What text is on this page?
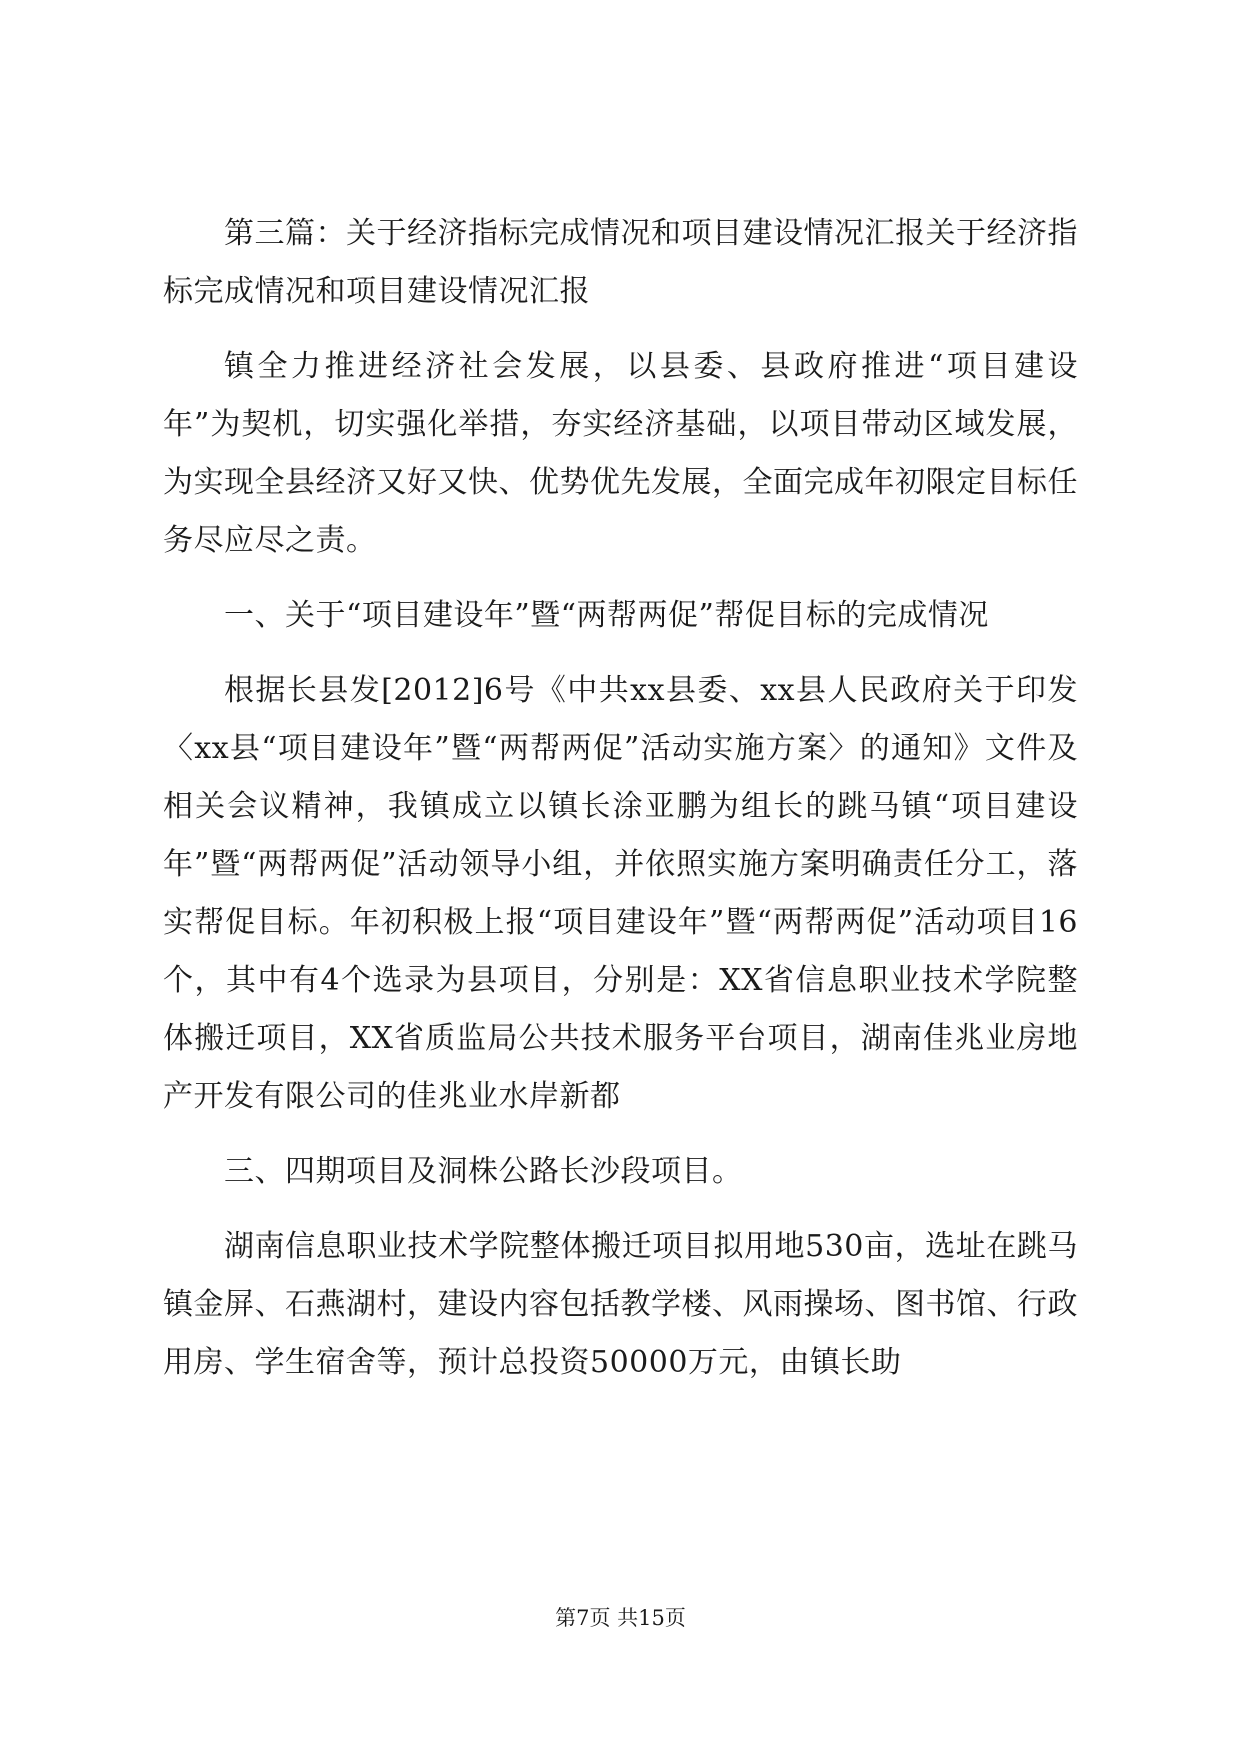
第三篇：关于经济指标完成情况和项目建设情况汇报关于经济指标完成情况和项目建设情况汇报

镇全力推进经济社会发展，以县委、县政府推进“项目建设年”为契机，切实强化举措，夯实经济基础，以项目带动区域发展，为实现全县经济又好又快、优势优先发展，全面完成年初限定目标任务尽应尽之责。

一、关于“项目建设年”暨“两帮两促”帮促目标的完成情况

根据长县发[2012]6号《中共xx县委、xx县人民政府关于印发〈xx县“项目建设年”暨“两帮两促”活动实施方案〉的通知》文件及相关会议精神，我镇成立以镇长涂亚鹏为组长的跳马镇“项目建设年”暨“两帮两促”活动领导小组，并依照实施方案明确责任分工，落实帮促目标。年初积极上报“项目建设年”暨“两帮两促”活动项目16个，其中有4个选录为县项目，分别是：XX省信息职业技术学院整体搬迁项目，XX省质监局公共技术服务平台项目，湖南佳兆业房地产开发有限公司的佳兆业水岸新都

三、四期项目及洞株公路长沙段项目。

湖南信息职业技术学院整体搬迁项目拟用地530亩，选址在跳马镇金屏、石燕湖村，建设内容包括教学楼、风雨操场、图书馆、行政用房、学生宿舍等，预计总投资50000万元，由镇长助

第7页 共15页
